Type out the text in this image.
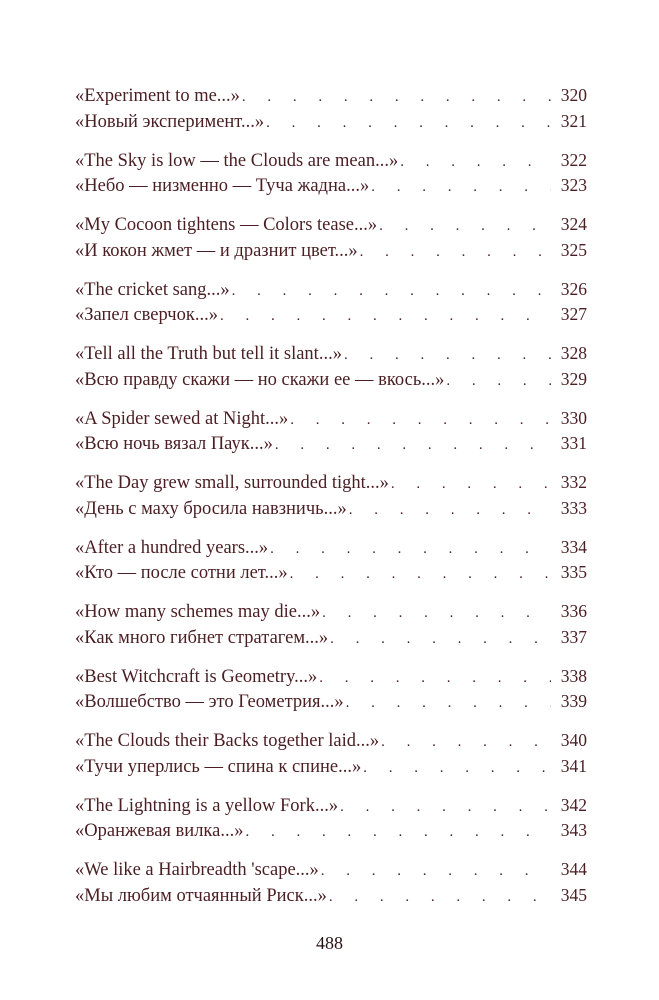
«Experiment to me...» . . .	320
«Новый эксперимент...» . . .	321
«The Sky is low — the Clouds are mean...» . . .	322
«Небо — низменно — Туча жадна...» . . .	323
«My Cocoon tightens — Colors tease...» . . .	324
«И кокон жмет — и дразнит цвет...» . . .	325
«The cricket sang...» . . .	326
«Запел сверчок...» . . .	327
«Tell all the Truth but tell it slant...» . . .	328
«Всю правду скажи — но скажи ее — вкось...» . . .	329
«A Spider sewed at Night...» . . .	330
«Всю ночь вязал Паук...» . . .	331
«The Day grew small, surrounded tight...» . . .	332
«День с маху бросила навзничь...» . . .	333
«After a hundred years...» . . .	334
«Кто — после сотни лет...» . . .	335
«How many schemes may die...» . . .	336
«Как много гибнет стратагем...» . . .	337
«Best Witchcraft is Geometry...» . . .	338
«Волшебство — это Геометрия...» . . .	339
«The Clouds their Backs together laid...» . . .	340
«Тучи уперлись — спина к спине...» . . .	341
«The Lightning is a yellow Fork...» . . .	342
«Оранжевая вилка...» . . .	343
«We like a Hairbreadth 'scape...» . . .	344
«Мы любим отчаянный Риск...» . . .	345
488
